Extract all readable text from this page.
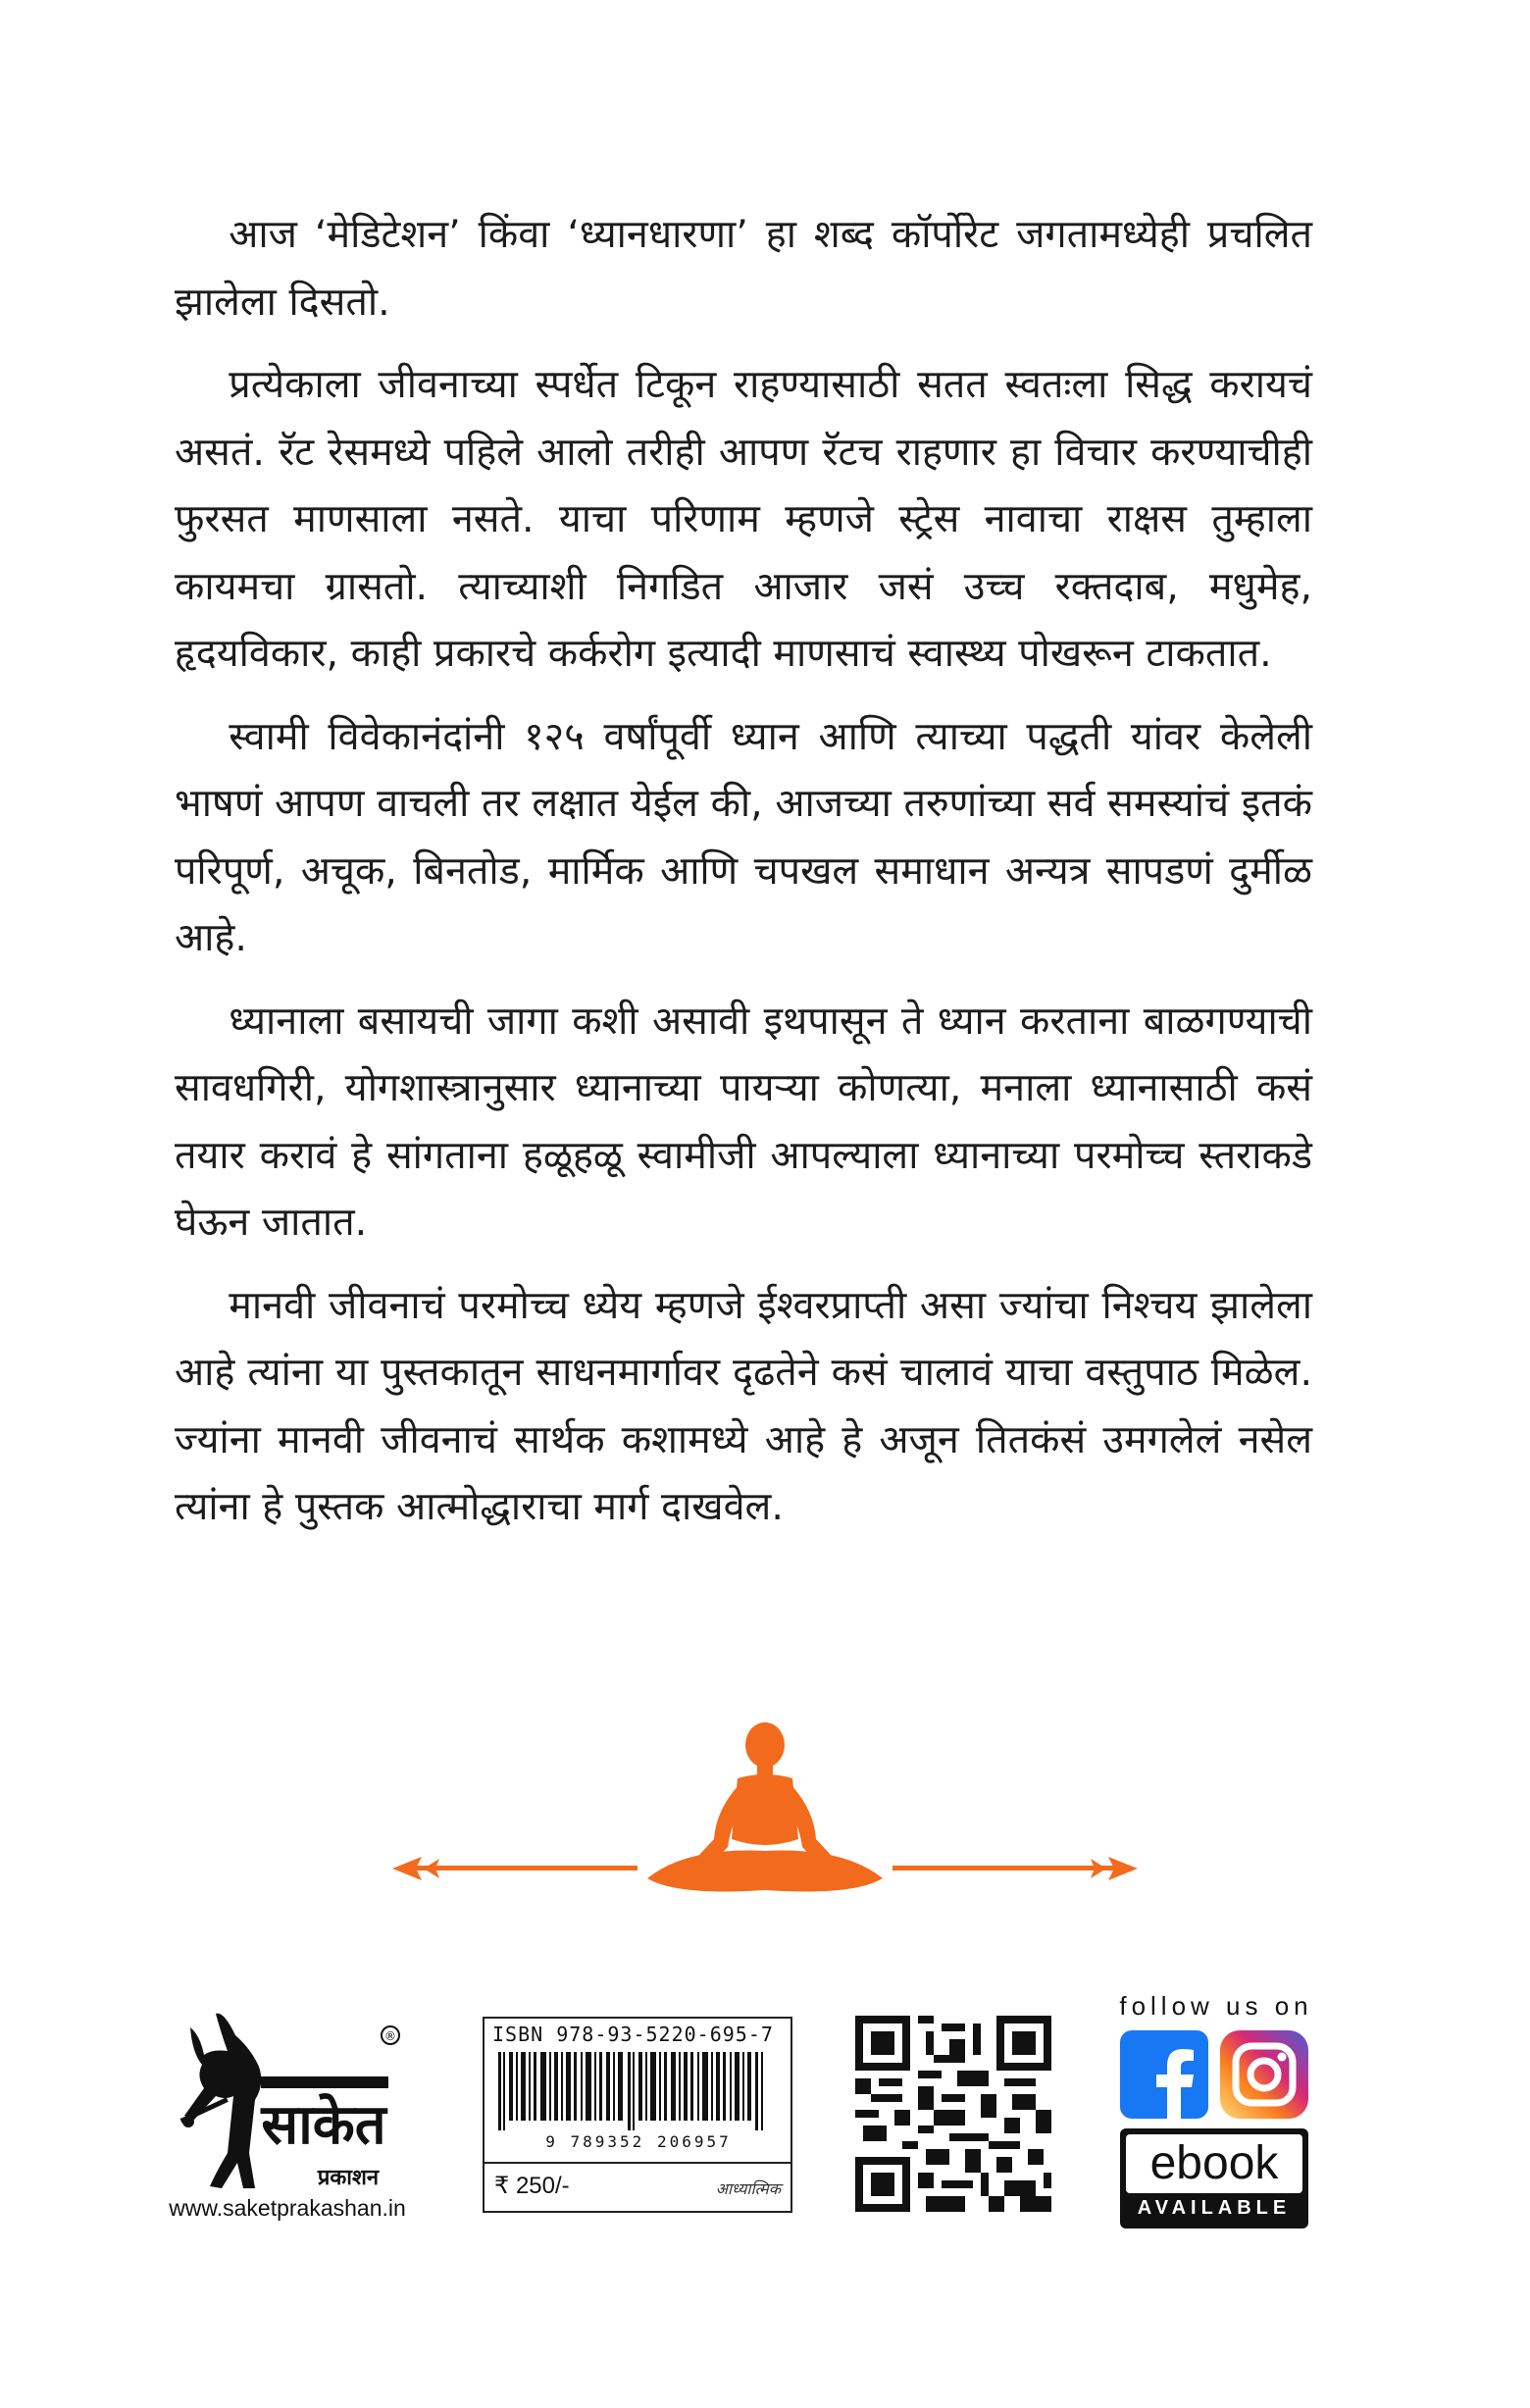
आज ‘मेडिटेशन’ किंवा ‘ध्यानधारणा’ हा शब्द कॉर्पोरेट जगतामध्येही प्रचलित झालेला दिसतो.

प्रत्येकाला जीवनाच्या स्पर्धेत टिकून राहण्यासाठी सतत स्वतःला सिद्ध करायचं असतं. रॅट रेसमध्ये पहिले आलो तरीही आपण रॅटच राहणार हा विचार करण्याचीही फुरसत माणसाला नसते. याचा परिणाम म्हणजे स्ट्रेस नावाचा राक्षस तुम्हाला कायमचा ग्रासतो. त्याच्याशी निगडित आजार जसं उच्च रक्तदाब, मधुमेह, हृदयविकार, काही प्रकारचे कर्करोग इत्यादी माणसाचं स्वास्थ्य पोखरून टाकतात.

स्वामी विवेकानंदांनी १२५ वर्षांपूर्वी ध्यान आणि त्याच्या पद्धती यांवर केलेली भाषणं आपण वाचली तर लक्षात येईल की, आजच्या तरुणांच्या सर्व समस्यांचं इतकं परिपूर्ण, अचूक, बिनतोड, मार्मिक आणि चपखल समाधान अन्यत्र सापडणं दुर्मीळ आहे.

ध्यानाला बसायची जागा कशी असावी इथपासून ते ध्यान करताना बाळगण्याची सावधगिरी, योगशास्त्रानुसार ध्यानाच्या पायऱ्या कोणत्या, मनाला ध्यानासाठी कसं तयार करावं हे सांगताना हळूहळू स्वामीजी आपल्याला ध्यानाच्या परमोच्च स्तराकडे घेऊन जातात.

मानवी जीवनाचं परमोच्च ध्येय म्हणजे ईश्वरप्राप्ती असा ज्यांचा निश्चय झालेला आहे त्यांना या पुस्तकातून साधनमार्गावर दृढतेने कसं चालावं याचा वस्तुपाठ मिळेल. ज्यांना मानवी जीवनाचं सार्थक कशामध्ये आहे हे अजून तितकंसं उमगलेलं नसेल त्यांना हे पुस्तक आत्मोद्धाराचा मार्ग दाखवेल.

साकेत
प्रकाशन
®
www.saketprakashan.in
ISBN 978-93-5220-695-7
9 789352 206957
₹ 250/-	आध्यात्मिक
follow us on
ebook
AVAILABLE
